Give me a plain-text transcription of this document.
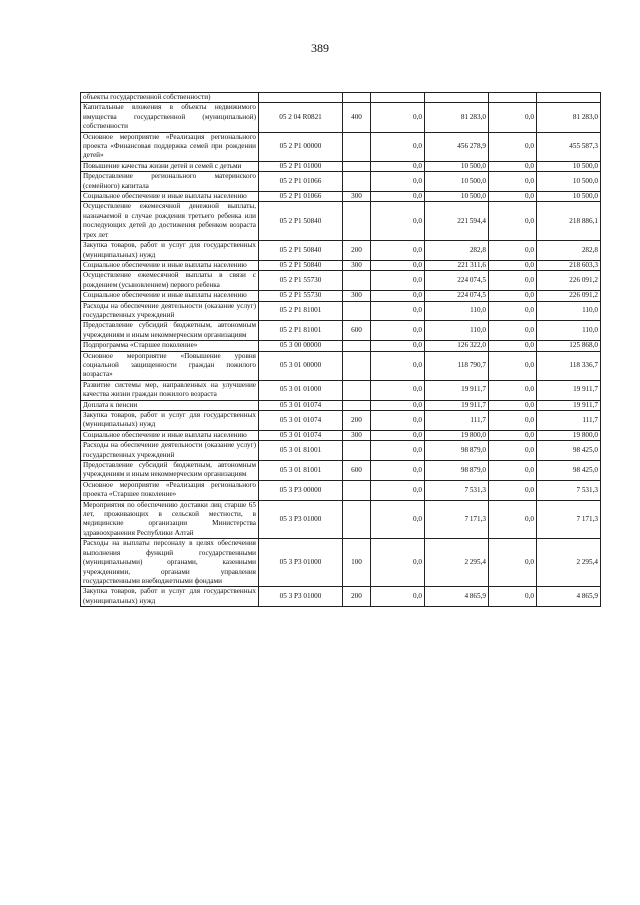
389
объекты государственной собственности)						
Капитальные вложения в объекты недвижимого имущества государственной (муниципальной) собственности	05 2 04 R0821	400	0,0	81 283,0	0,0	81 283,0
Основное мероприятие «Реализация регионального проекта «Финансовая поддержка семей при рождении детей»	05 2 P1 00000		0,0	456 278,9	0,0	455 587,3
Повышение качества жизни детей и семей с детьми	05 2 P1 01000		0,0	10 500,0	0,0	10 500,0
Предоставление регионального материнского (семейного) капитала	05 2 P1 01066		0,0	10 500,0	0,0	10 500,0
Социальное обеспечение и иные выплаты населению	05 2 P1 01066	300	0,0	10 500,0	0,0	10 500,0
Осуществление ежемесячной денежной выплаты, назначаемой в случае рождения третьего ребенка или последующих детей до достижения ребенком возраста трех лет	05 2 P1 50840		0,0	221 594,4	0,0	218 886,1
Закупка товаров, работ и услуг для государственных (муниципальных) нужд	05 2 P1 50840	200	0,0	282,8	0,0	282,8
Социальное обеспечение и иные выплаты населению	05 2 P1 50840	300	0,0	221 311,6	0,0	218 603,3
Осуществление ежемесячной выплаты в связи с рождением (усыновлением) первого ребенка	05 2 P1 55730		0,0	224 074,5	0,0	226 091,2
Социальное обеспечение и иные выплаты населению	05 2 P1 55730	300	0,0	224 074,5	0,0	226 091,2
Расходы на обеспечение деятельности (оказание услуг) государственных учреждений	05 2 P1 81001		0,0	110,0	0,0	110,0
Предоставление субсидий бюджетным, автономным учреждениям и иным некоммерческим организациям	05 2 P1 81001	600	0,0	110,0	0,0	110,0
Подпрограмма «Старшее поколение»	05 3 00 00000		0,0	126 322,0	0,0	125 868,0
Основное мероприятие «Повышение уровня социальной защищенности граждан пожилого возраста»	05 3 01 00000		0,0	118 790,7	0,0	118 336,7
Развитие системы мер, направленных на улучшение качества жизни граждан пожилого возраста	05 3 01 01000		0,0	19 911,7	0,0	19 911,7
Доплата к пенсии	05 3 01 01074		0,0	19 911,7	0,0	19 911,7
Закупка товаров, работ и услуг для государственных (муниципальных) нужд	05 3 01 01074	200	0,0	111,7	0,0	111,7
Социальное обеспечение и иные выплаты населению	05 3 01 01074	300	0,0	19 800,0	0,0	19 800,0
Расходы на обеспечение деятельности (оказание услуг) государственных учреждений	05 3 01 81001		0,0	98 879,0	0,0	98 425,0
Предоставление субсидий бюджетным, автономным учреждениям и иным некоммерческим организациям	05 3 01 81001	600	0,0	98 879,0	0,0	98 425,0
Основное мероприятие «Реализация регионального проекта «Старшее поколение»	05 3 P3 00000		0,0	7 531,3	0,0	7 531,3
Мероприятия по обеспечению доставки лиц старше 65 лет, проживающих в сельской местности, в медицинские организации Министерства здравоохранения Республики Алтай	05 3 P3 01000		0,0	7 171,3	0,0	7 171,3
Расходы на выплаты персоналу в целях обеспечения выполнения функций государственными (муниципальными) органами, казенными учреждениями, органами управления государственными внебюджетными фондами	05 3 P3 01000	100	0,0	2 295,4	0,0	2 295,4
Закупка товаров, работ и услуг для государственных (муниципальных) нужд	05 3 P3 01000	200	0,0	4 865,9	0,0	4 865,9
